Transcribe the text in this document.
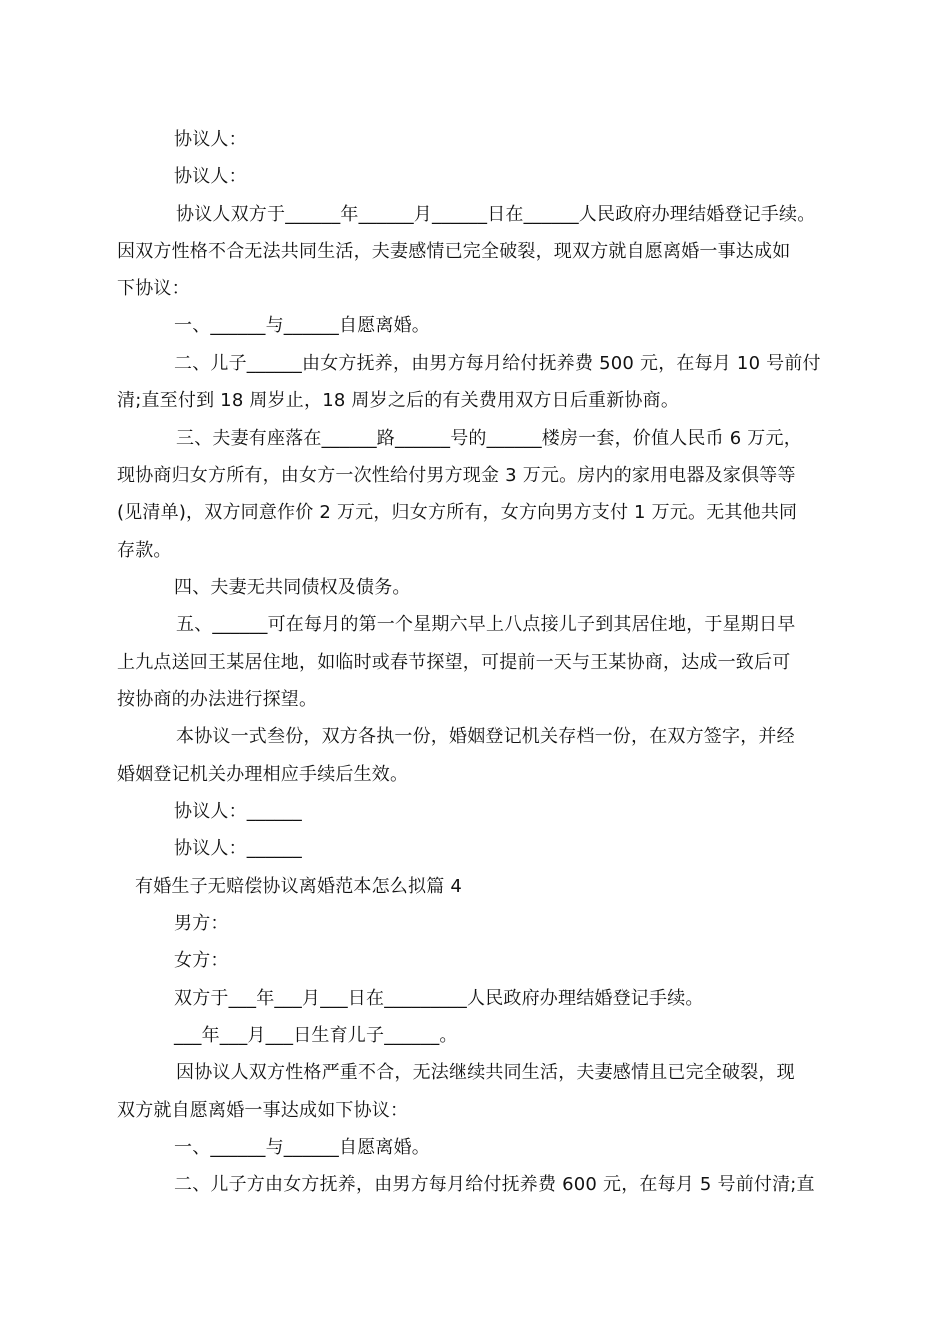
协议人：
协议人：
协议人双方于______年______月______日在______人民政府办理结婚登记手续。
因双方性格不合无法共同生活，夫妻感情已完全破裂，现双方就自愿离婚一事达成如
下协议：
一、______与______自愿离婚。
二、儿子______由女方抚养，由男方每月给付抚养费 500 元，在每月 10 号前付
清;直至付到 18 周岁止，18 周岁之后的有关费用双方日后重新协商。
三、夫妻有座落在______路______号的______楼房一套，价值人民币 6 万元，
现协商归女方所有，由女方一次性给付男方现金 3 万元。房内的家用电器及家俱等等
(见清单)，双方同意作价 2 万元，归女方所有，女方向男方支付 1 万元。无其他共同
存款。
四、夫妻无共同债权及债务。
五、______可在每月的第一个星期六早上八点接儿子到其居住地，于星期日早
上九点送回王某居住地，如临时或春节探望，可提前一天与王某协商，达成一致后可
按协商的办法进行探望。
本协议一式叁份，双方各执一份，婚姻登记机关存档一份，在双方签字，并经
婚姻登记机关办理相应手续后生效。
协议人：______
协议人：______
有婚生子无赔偿协议离婚范本怎么拟篇 4
男方：
女方：
双方于___年___月___日在_________人民政府办理结婚登记手续。
___年___月___日生育儿子______。
因协议人双方性格严重不合，无法继续共同生活，夫妻感情且已完全破裂，现
双方就自愿离婚一事达成如下协议：
一、______与______自愿离婚。
二、儿子方由女方抚养，由男方每月给付抚养费 600 元，在每月 5 号前付清;直
